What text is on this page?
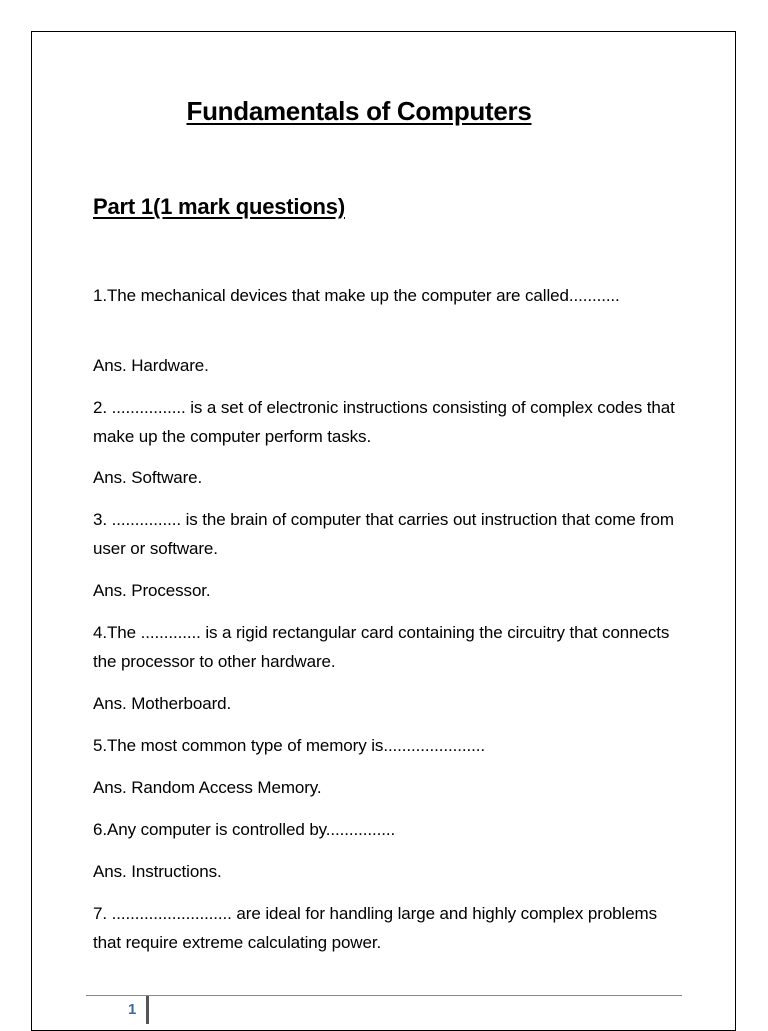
Fundamentals of Computers
Part 1(1 mark questions)

1.The mechanical devices that make up the computer are called...........

Ans. Hardware.

2. ................ is a set of electronic instructions consisting of complex codes that make up the computer perform tasks.

Ans. Software.

3. ............... is the brain of computer that carries out instruction that come from user or software.

Ans. Processor.

4.The ............. is a rigid rectangular card containing the circuitry that connects the processor to other hardware.

Ans. Motherboard.

5.The most common type of memory is......................

Ans. Random Access Memory.

6.Any computer is controlled by...............

Ans. Instructions.

7. .......................... are ideal for handling large and highly complex problems that require extreme calculating power.

1
